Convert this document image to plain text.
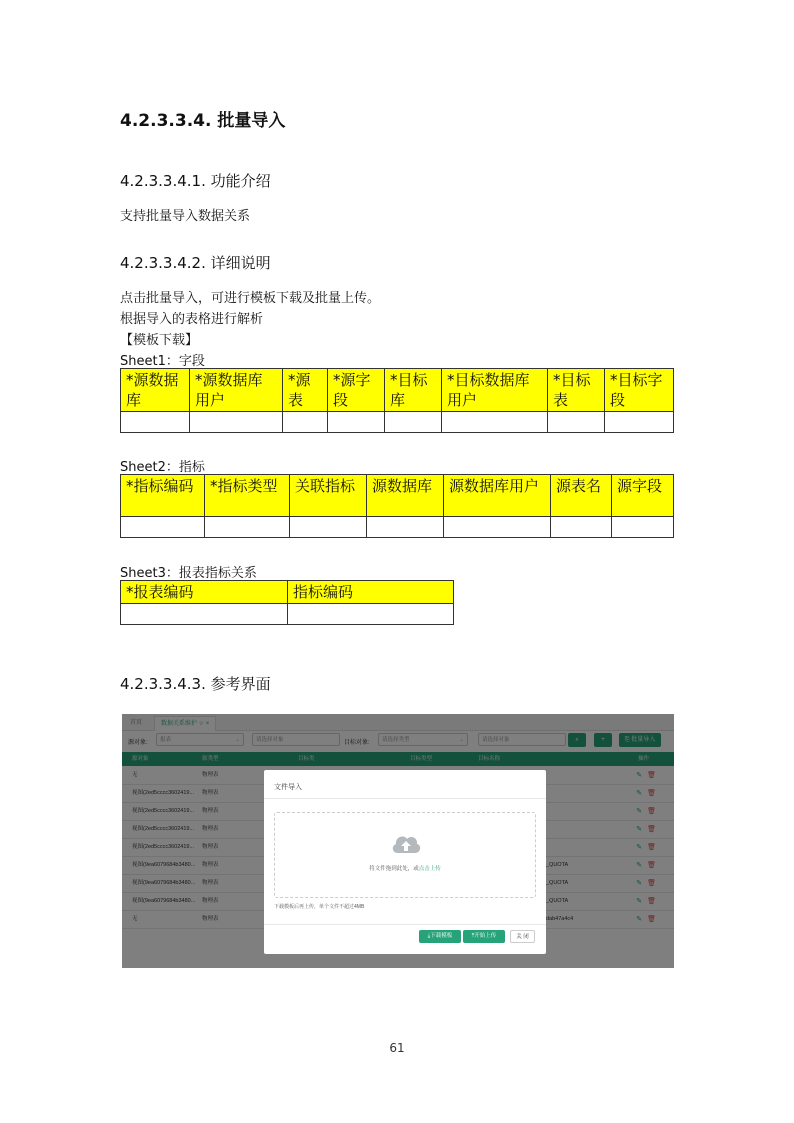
4.2.3.3.4. 批量导入
4.2.3.3.4.1. 功能介绍
支持批量导入数据关系
4.2.3.3.4.2. 详细说明
点击批量导入，可进行模板下载及批量上传。
根据导入的表格进行解析
【模板下载】
Sheet1：字段
*源数据库	*源数据库用户	*源表	*源字段	*目标库	*目标数据库用户	*目标表	*目标字段

Sheet2：指标
*指标编码	*指标类型	关联指标	源数据库	源数据库用户	源表名	源字段

Sheet3：报表指标关系
*报表编码	指标编码

4.2.3.3.4.3. 参考界面
文件导入
将文件拖到此处，或点击上传
下载模板后再上传，单个文件不超过4MB
⤓下载模板	⤒开始上传	关 闭
61
